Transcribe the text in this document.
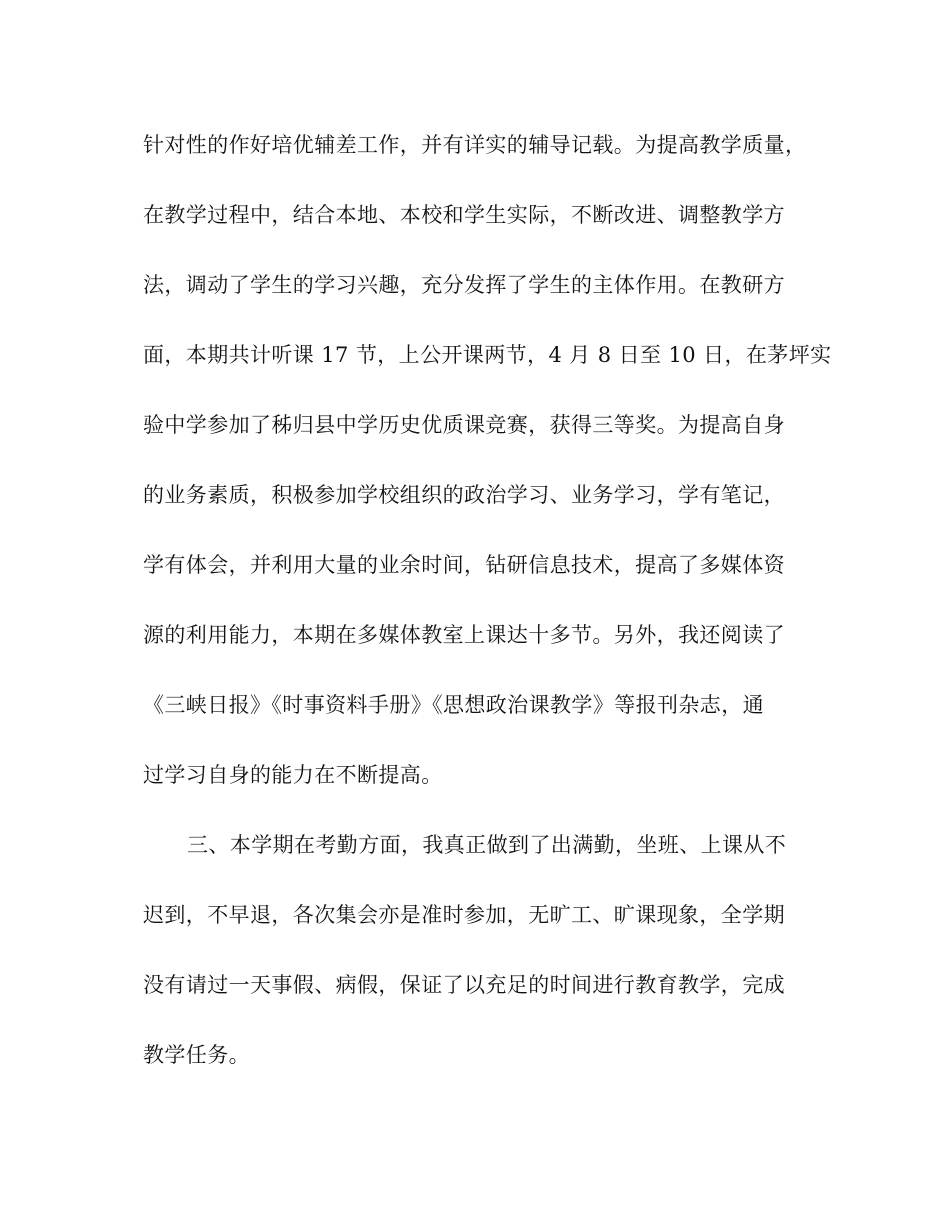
针对性的作好培优辅差工作，并有详实的辅导记载。为提高教学质量，
在教学过程中，结合本地、本校和学生实际，不断改进、调整教学方
法，调动了学生的学习兴趣，充分发挥了学生的主体作用。在教研方
面，本期共计听课 17 节，上公开课两节，4 月 8 日至 10 日，在茅坪实
验中学参加了秭归县中学历史优质课竞赛，获得三等奖。为提高自身
的业务素质，积极参加学校组织的政治学习、业务学习，学有笔记，
学有体会，并利用大量的业余时间，钻研信息技术，提高了多媒体资
源的利用能力，本期在多媒体教室上课达十多节。另外，我还阅读了
《三峡日报》《时事资料手册》《思想政治课教学》等报刊杂志，通
过学习自身的能力在不断提高。
三、本学期在考勤方面，我真正做到了出满勤，坐班、上课从不
迟到，不早退，各次集会亦是准时参加，无旷工、旷课现象，全学期
没有请过一天事假、病假，保证了以充足的时间进行教育教学，完成
教学任务。
